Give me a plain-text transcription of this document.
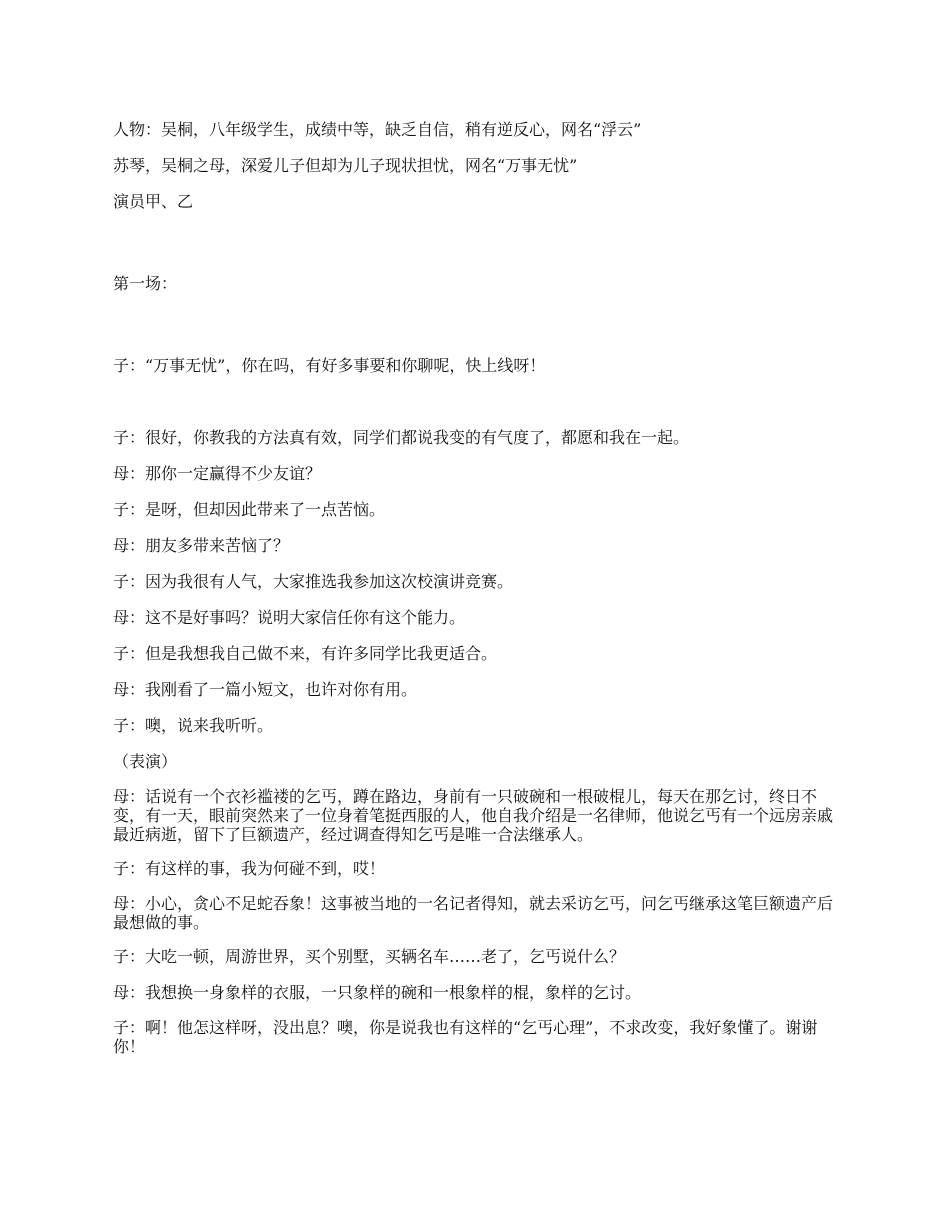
人物：吴桐，八年级学生，成绩中等，缺乏自信，稍有逆反心，网名“浮云”

苏琴，吴桐之母，深爱儿子但却为儿子现状担忧，网名“万事无忧”

演员甲、乙

第一场：

子：“万事无忧”，你在吗，有好多事要和你聊呢，快上线呀！

子：很好，你教我的方法真有效，同学们都说我变的有气度了，都愿和我在一起。

母：那你一定赢得不少友谊？

子：是呀，但却因此带来了一点苦恼。

母：朋友多带来苦恼了？

子：因为我很有人气，大家推选我参加这次校演讲竞赛。

母：这不是好事吗？说明大家信任你有这个能力。

子：但是我想我自己做不来，有许多同学比我更适合。

母：我刚看了一篇小短文，也许对你有用。

子：噢，说来我听听。

（表演）

母：话说有一个衣衫褴褛的乞丐，蹲在路边，身前有一只破碗和一根破棍儿，每天在那乞讨，终日不变，有一天，眼前突然来了一位身着笔挺西服的人，他自我介绍是一名律师，他说乞丐有一个远房亲戚最近病逝，留下了巨额遗产，经过调查得知乞丐是唯一合法继承人。

子：有这样的事，我为何碰不到，哎！

母：小心，贪心不足蛇吞象！这事被当地的一名记者得知，就去采访乞丐，问乞丐继承这笔巨额遗产后最想做的事。

子：大吃一顿，周游世界，买个别墅，买辆名车……老了，乞丐说什么？

母：我想换一身象样的衣服，一只象样的碗和一根象样的棍，象样的乞讨。

子：啊！他怎这样呀，没出息？噢，你是说我也有这样的“乞丐心理”，不求改变，我好象懂了。谢谢你！
